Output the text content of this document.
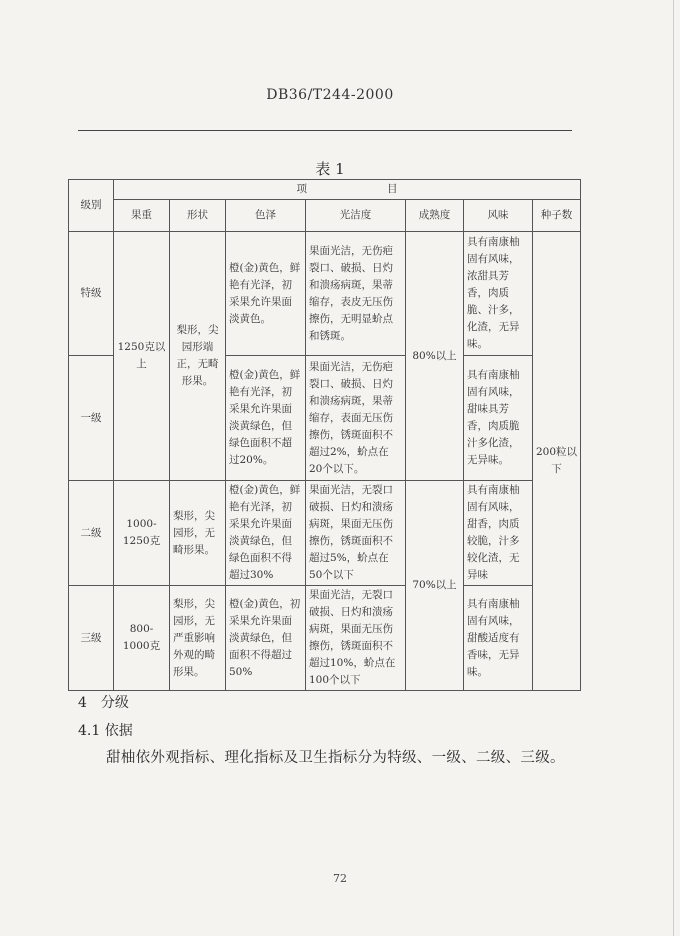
DB36/T244-2000
表 1
级别	项 目						
	果重	形状	色泽	光洁度	成熟度	风味	种子数
特级	1250克以上	梨形，尖园形端正，无畸形果。	橙(金)黄色，鲜艳有光泽，初采果允许果面淡黄色。	果面光洁，无伤疤裂口、破损、日灼和溃疡病斑，果蒂缩存，表皮无压伤擦伤，无明显蚧点和锈斑。	80%以上	具有南康柚固有风味，浓甜具芳香，肉质脆、汁多，化渣，无异味。	200粒以下
一级			橙(金)黄色，鲜艳有光泽，初采果允许果面淡黄绿色，但绿色面积不超过20%。	果面光洁，无伤疤裂口、破损、日灼和溃疡病斑，果蒂缩存，表面无压伤擦伤，锈斑面积不超过2%，蚧点在20个以下。		具有南康柚固有风味，甜味具芳香，肉质脆汁多化渣，无异味。	
二级	1000-1250克	梨形，尖园形，无畸形果。	橙(金)黄色，鲜艳有光泽，初采果允许果面淡黄绿色，但绿色面积不得超过30%	果面光洁，无裂口破损、日灼和溃疡病斑，果面无压伤擦伤，锈斑面积不超过5%，蚧点在50个以下	70%以上	具有南康柚固有风味，甜香，肉质较脆，汁多较化渣，无异味	
三级	800-1000克	梨形，尖园形，无严重影响外观的畸形果。	橙(金)黄色，初采果允许果面淡黄绿色，但面积不得超过50%	果面光洁，无裂口破损、日灼和溃疡病斑，果面无压伤擦伤，锈斑面积不超过10%，蚧点在100个以下		具有南康柚固有风味，甜酸适度有香味，无异味。	
4　分级
4.1 依据
甜柚依外观指标、理化指标及卫生指标分为特级、一级、二级、三级。
72
